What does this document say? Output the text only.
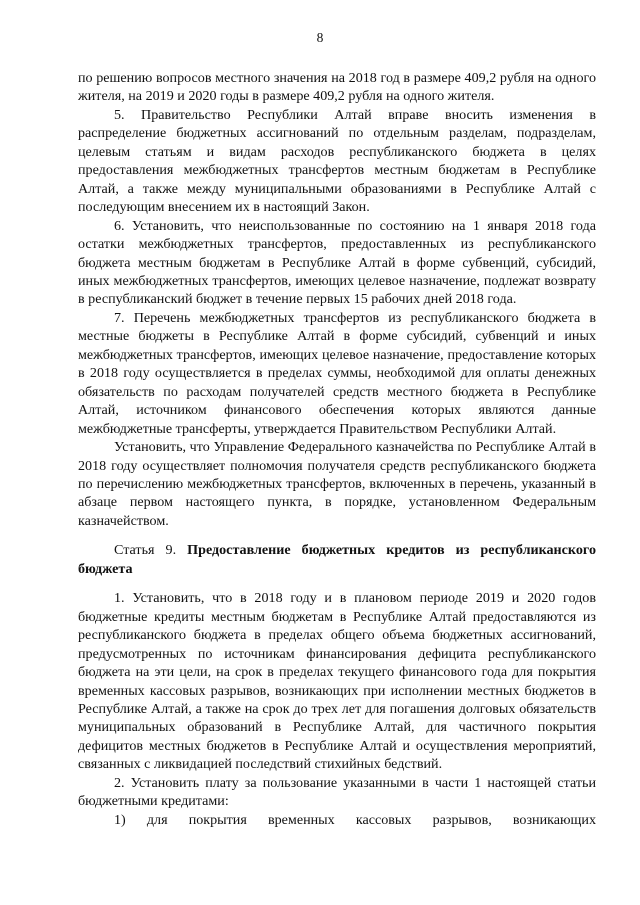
8

по решению вопросов местного значения на 2018 год в размере 409,2 рубля на одного жителя, на 2019 и 2020 годы в размере 409,2 рубля на одного жителя.

5. Правительство Республики Алтай вправе вносить изменения в распределение бюджетных ассигнований по отдельным разделам, подразделам, целевым статьям и видам расходов республиканского бюджета в целях предоставления межбюджетных трансфертов местным бюджетам в Республике Алтай, а также между муниципальными образованиями в Республике Алтай с последующим внесением их в настоящий Закон.

6. Установить, что неиспользованные по состоянию на 1 января 2018 года остатки межбюджетных трансфертов, предоставленных из республиканского бюджета местным бюджетам в Республике Алтай в форме субвенций, субсидий, иных межбюджетных трансфертов, имеющих целевое назначение, подлежат возврату в республиканский бюджет в течение первых 15 рабочих дней 2018 года.

7. Перечень межбюджетных трансфертов из республиканского бюджета в местные бюджеты в Республике Алтай в форме субсидий, субвенций и иных межбюджетных трансфертов, имеющих целевое назначение, предоставление которых в 2018 году осуществляется в пределах суммы, необходимой для оплаты денежных обязательств по расходам получателей средств местного бюджета в Республике Алтай, источником финансового обеспечения которых являются данные межбюджетные трансферты, утверждается Правительством Республики Алтай.

Установить, что Управление Федерального казначейства по Республике Алтай в 2018 году осуществляет полномочия получателя средств республиканского бюджета по перечислению межбюджетных трансфертов, включенных в перечень, указанный в абзаце первом настоящего пункта, в порядке, установленном Федеральным казначейством.

Статья 9. Предоставление бюджетных кредитов из республиканского бюджета

1. Установить, что в 2018 году и в плановом периоде 2019 и 2020 годов бюджетные кредиты местным бюджетам в Республике Алтай предоставляются из республиканского бюджета в пределах общего объема бюджетных ассигнований, предусмотренных по источникам финансирования дефицита республиканского бюджета на эти цели, на срок в пределах текущего финансового года для покрытия временных кассовых разрывов, возникающих при исполнении местных бюджетов в Республике Алтай, а также на срок до трех лет для погашения долговых обязательств муниципальных образований в Республике Алтай, для частичного покрытия дефицитов местных бюджетов в Республике Алтай и осуществления мероприятий, связанных с ликвидацией последствий стихийных бедствий.

2. Установить плату за пользование указанными в части 1 настоящей статьи бюджетными кредитами:

1) для покрытия временных кассовых разрывов, возникающих
